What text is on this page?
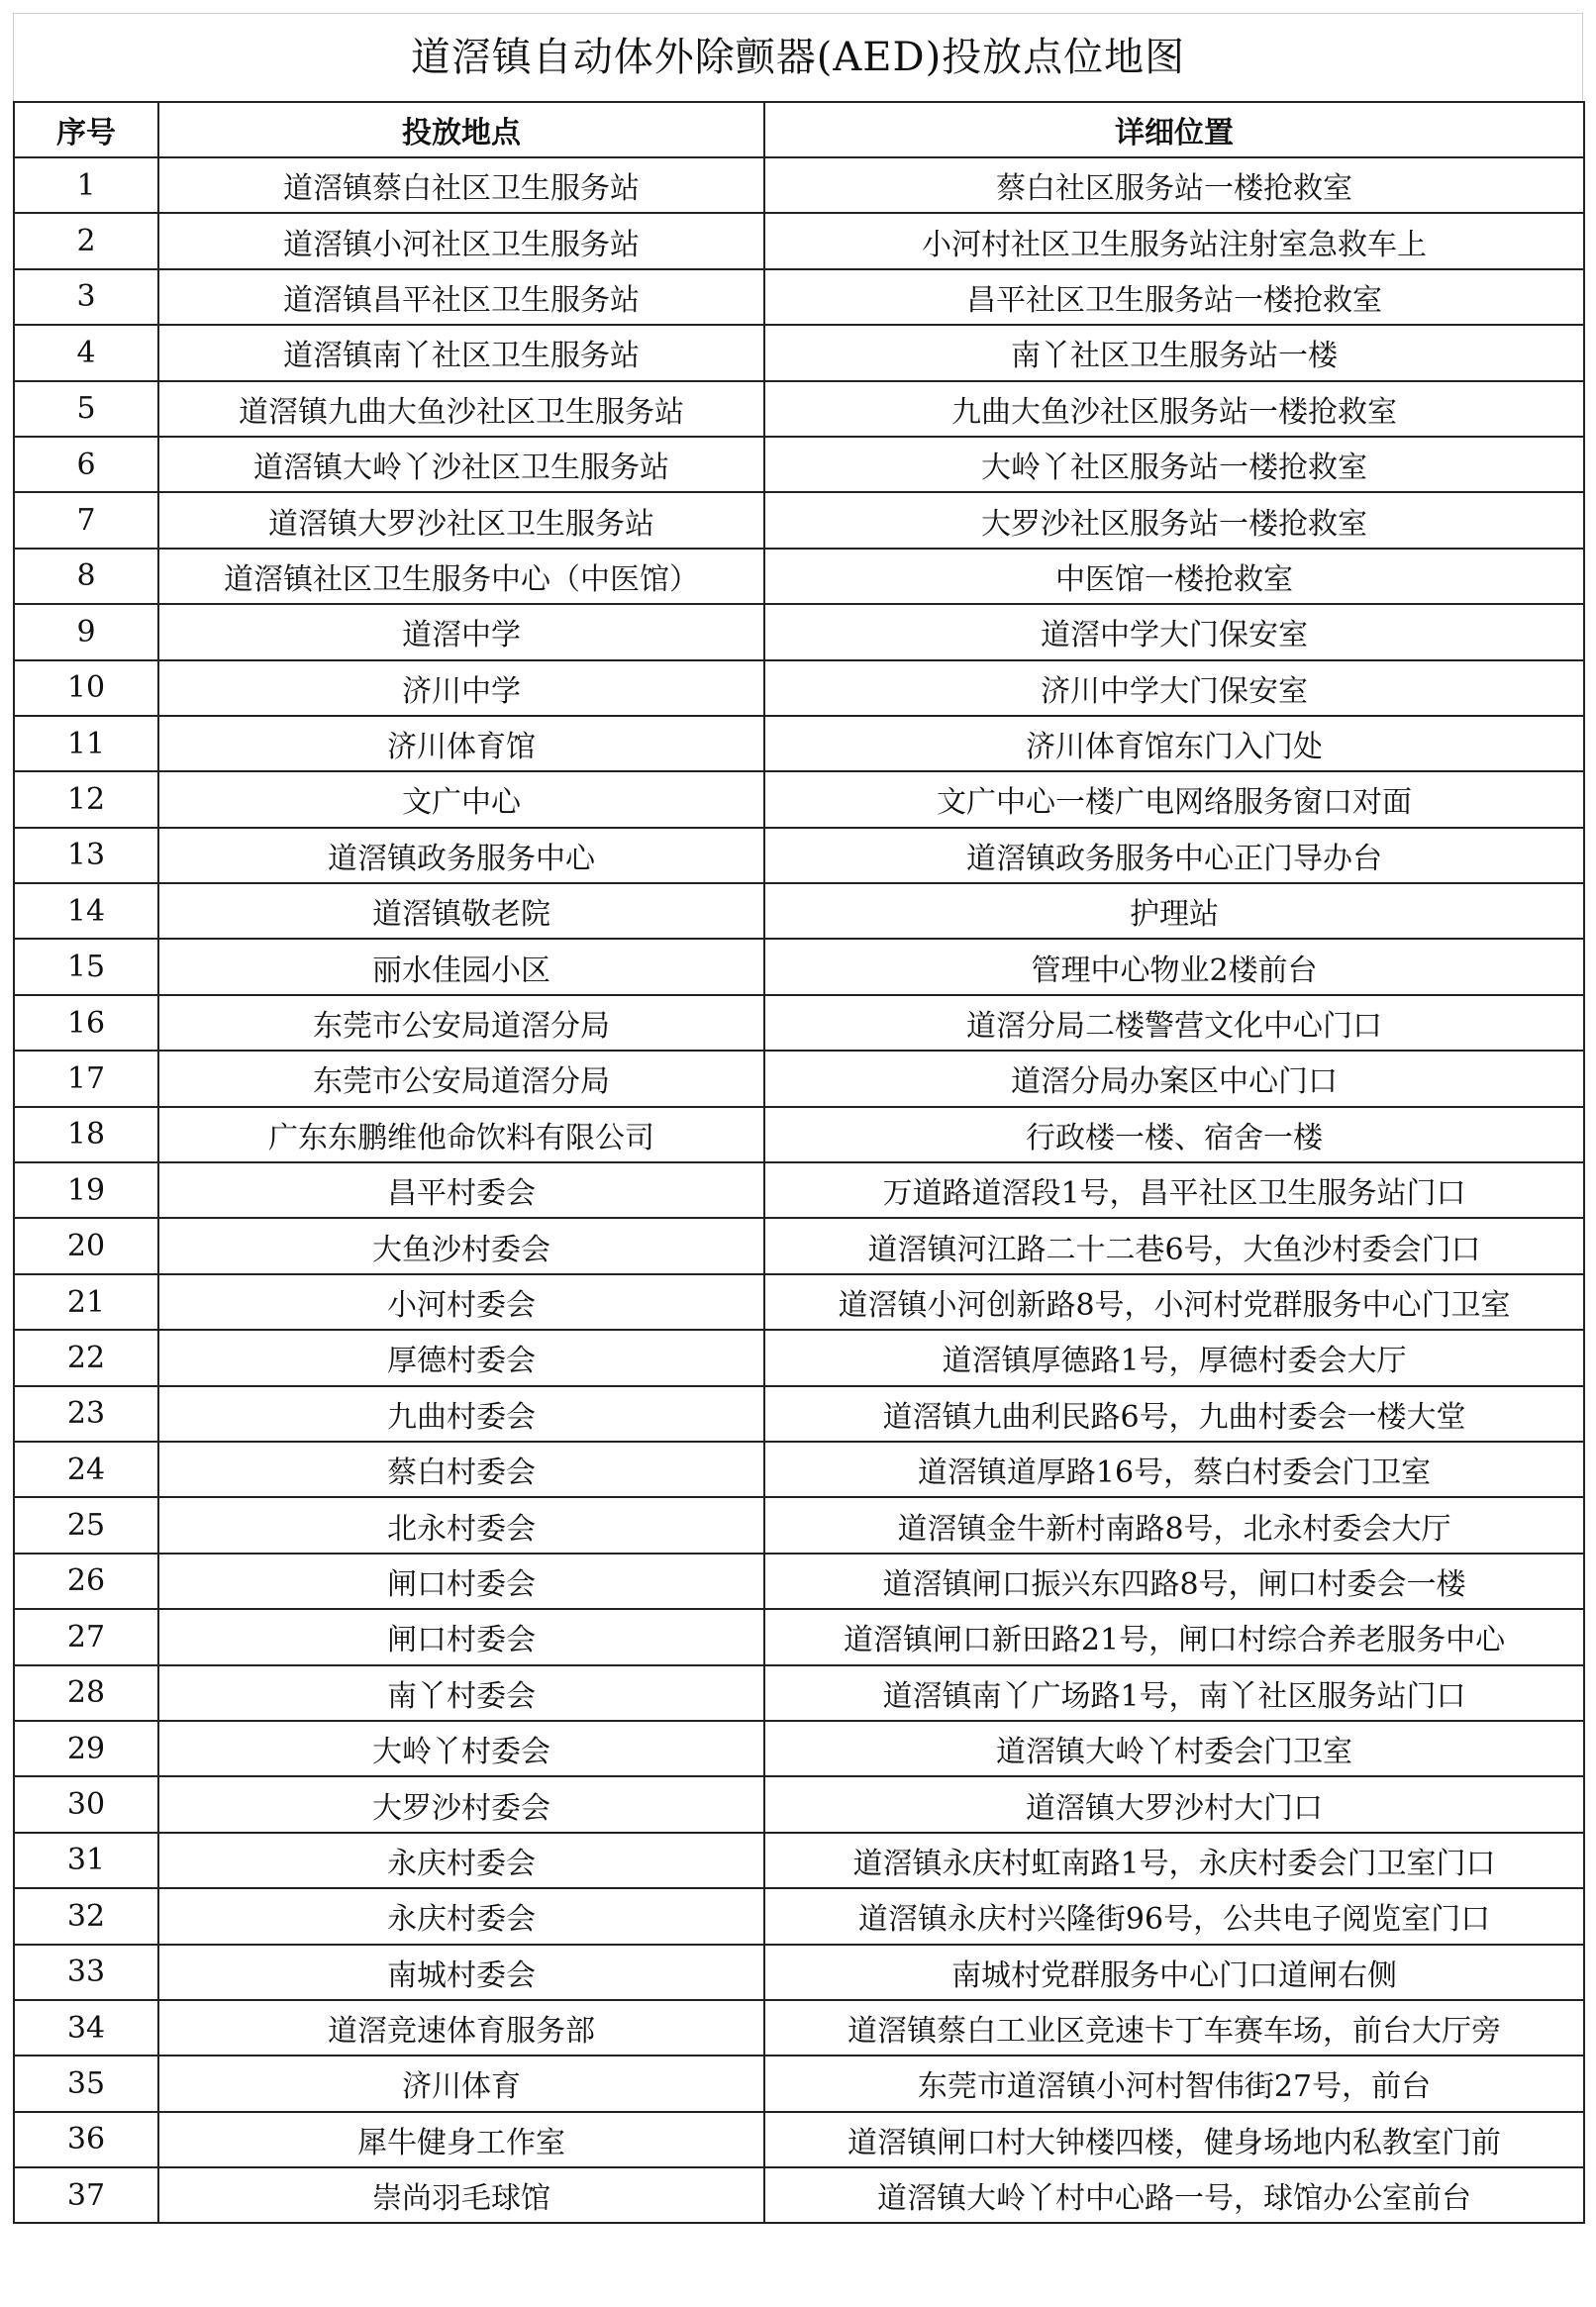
道滘镇自动体外除颤器(AED)投放点位地图
序号	投放地点	详细位置
1	道滘镇蔡白社区卫生服务站	蔡白社区服务站一楼抢救室
2	道滘镇小河社区卫生服务站	小河村社区卫生服务站注射室急救车上
3	道滘镇昌平社区卫生服务站	昌平社区卫生服务站一楼抢救室
4	道滘镇南丫社区卫生服务站	南丫社区卫生服务站一楼
5	道滘镇九曲大鱼沙社区卫生服务站	九曲大鱼沙社区服务站一楼抢救室
6	道滘镇大岭丫沙社区卫生服务站	大岭丫社区服务站一楼抢救室
7	道滘镇大罗沙社区卫生服务站	大罗沙社区服务站一楼抢救室
8	道滘镇社区卫生服务中心（中医馆）	中医馆一楼抢救室
9	道滘中学	道滘中学大门保安室
10	济川中学	济川中学大门保安室
11	济川体育馆	济川体育馆东门入门处
12	文广中心	文广中心一楼广电网络服务窗口对面
13	道滘镇政务服务中心	道滘镇政务服务中心正门导办台
14	道滘镇敬老院	护理站
15	丽水佳园小区	管理中心物业2楼前台
16	东莞市公安局道滘分局	道滘分局二楼警营文化中心门口
17	东莞市公安局道滘分局	道滘分局办案区中心门口
18	广东东鹏维他命饮料有限公司	行政楼一楼、宿舍一楼
19	昌平村委会	万道路道滘段1号，昌平社区卫生服务站门口
20	大鱼沙村委会	道滘镇河江路二十二巷6号，大鱼沙村委会门口
21	小河村委会	道滘镇小河创新路8号，小河村党群服务中心门卫室
22	厚德村委会	道滘镇厚德路1号，厚德村委会大厅
23	九曲村委会	道滘镇九曲利民路6号，九曲村委会一楼大堂
24	蔡白村委会	道滘镇道厚路16号，蔡白村委会门卫室
25	北永村委会	道滘镇金牛新村南路8号，北永村委会大厅
26	闸口村委会	道滘镇闸口振兴东四路8号，闸口村委会一楼
27	闸口村委会	道滘镇闸口新田路21号，闸口村综合养老服务中心
28	南丫村委会	道滘镇南丫广场路1号，南丫社区服务站门口
29	大岭丫村委会	道滘镇大岭丫村委会门卫室
30	大罗沙村委会	道滘镇大罗沙村大门口
31	永庆村委会	道滘镇永庆村虹南路1号，永庆村委会门卫室门口
32	永庆村委会	道滘镇永庆村兴隆街96号，公共电子阅览室门口
33	南城村委会	南城村党群服务中心门口道闸右侧
34	道滘竞速体育服务部	道滘镇蔡白工业区竞速卡丁车赛车场，前台大厅旁
35	济川体育	东莞市道滘镇小河村智伟街27号，前台
36	犀牛健身工作室	道滘镇闸口村大钟楼四楼，健身场地内私教室门前
37	崇尚羽毛球馆	道滘镇大岭丫村中心路一号，球馆办公室前台
